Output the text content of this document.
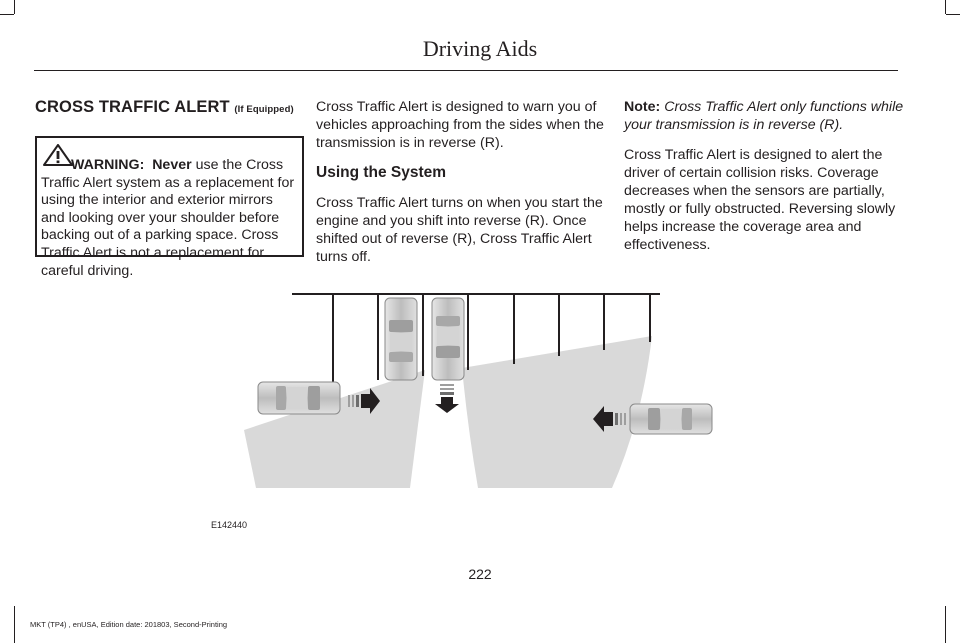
Driving Aids
CROSS TRAFFIC ALERT (If Equipped)
WARNING: Never use the Cross
Traffic Alert system as a replacement for using the interior and exterior mirrors and looking over your shoulder before backing out of a parking space. Cross Traffic Alert is not a replacement for careful driving.
Cross Traffic Alert is designed to warn you of vehicles approaching from the sides when the transmission is in reverse (R).
Using the System
Cross Traffic Alert turns on when you start the engine and you shift into reverse (R). Once shifted out of reverse (R), Cross Traffic Alert turns off.
Note: Cross Traffic Alert only functions while your transmission is in reverse (R).
Cross Traffic Alert is designed to alert the driver of certain collision risks. Coverage decreases when the sensors are partially, mostly or fully obstructed. Reversing slowly helps increase the coverage area and effectiveness.
E142440
222
MKT (TP4) , enUSA, Edition date: 201803, Second-Printing
